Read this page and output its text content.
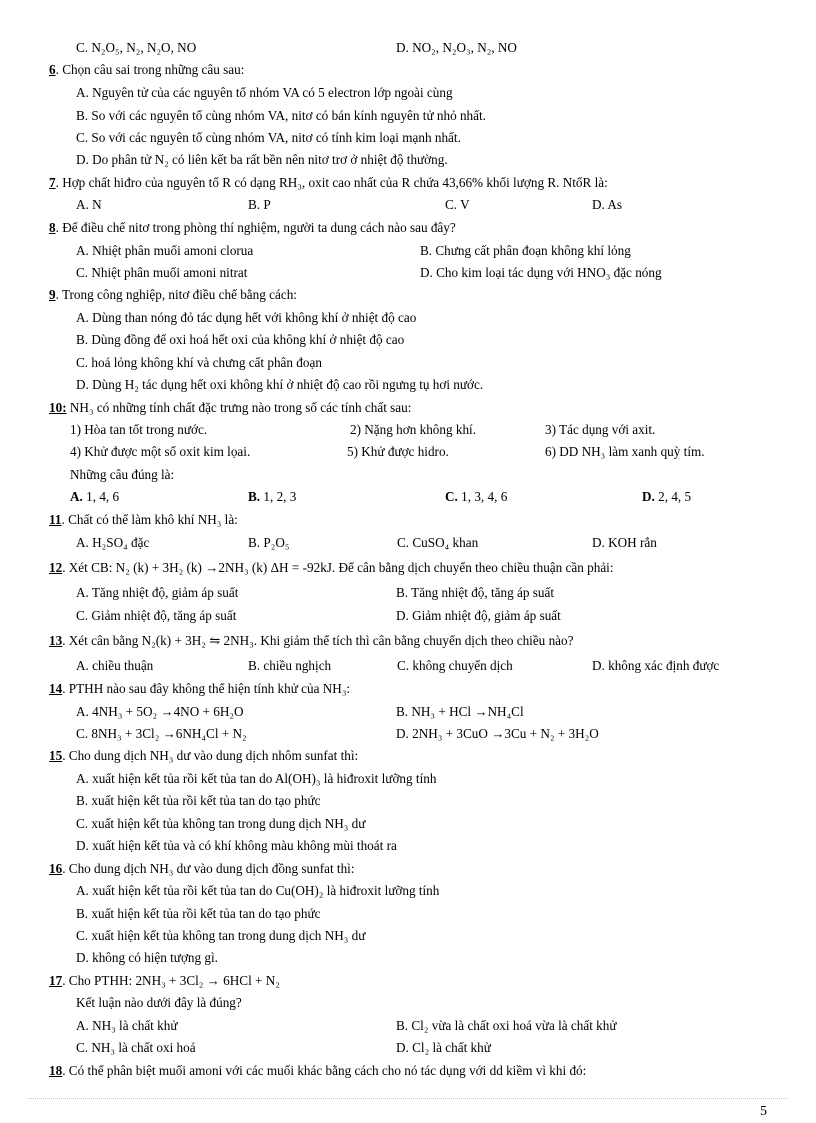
C. N₂O₅, N₂, N₂O, NO	D. NO₂, N₂O₃, N₂, NO
6. Chọn câu sai trong những câu sau:
A. Nguyên tử của các nguyên tố nhóm VA có 5 electron lớp ngoài cùng
B. So với các nguyên tố cùng nhóm VA, nitơ có bán kính nguyên tử nhỏ nhất.
C. So với các nguyên tố cùng nhóm VA, nitơ có tính kim loại mạnh nhất.
D. Do phân tử N₂ có liên kết ba rất bền nên nitơ trơ ở nhiệt độ thường.
7. Hợp chất hiđro của nguyên tố R có dạng RH₃, oxit cao nhất của R chứa 43,66% khối lượng R. NtốR là:
A. N	B. P	C. V	D. As
8. Để điều chế nitơ trong phòng thí nghiệm, người ta dung cách nào sau đây?
A. Nhiệt phân muối amoni clorua	B. Chưng cất phân đoạn không khí lỏng
C. Nhiệt phân muối amoni nitrat	D. Cho kim loại tác dụng với HNO₃ đặc nóng
9. Trong công nghiệp, nitơ điều chế bằng cách:
A. Dùng than nóng đỏ tác dụng hết với không khí ở nhiệt độ cao
B. Dùng đồng để oxi hoá hết oxi của không khí ở nhiệt độ cao
C. hoá lỏng không khí và chưng cất phân đoạn
D. Dùng H₂ tác dụng hết oxi không khí ở nhiệt độ cao rồi ngưng tụ hơi nước.
10: NH₃ có những tính chất đặc trưng nào trong số các tính chất sau:
1) Hòa tan tốt trong nước.	2) Nặng hơn không khí.	3) Tác dụng với axit.
4) Khử được một số oxit kim lọai.	5) Khử được hidro.	6) DD NH₃ làm xanh quỳ tím.
Những câu đúng là:
A. 1, 4, 6	B. 1, 2, 3	C. 1, 3, 4, 6	D. 2, 4, 5
11. Chất có thể làm khô khí NH₃ là:
A. H₂SO₄ đặc	B. P₂O₅	C. CuSO₄ khan	D. KOH rắn
12. Xét CB: N₂ (k) + 3H₂ (k) →2NH₃ (k) ΔH = -92kJ. Để cân bằng dịch chuyển theo chiều thuận cần phải:
A. Tăng nhiệt độ, giảm áp suất	B. Tăng nhiệt độ, tăng áp suất
C. Giảm nhiệt độ, tăng áp suất	D. Giảm nhiệt độ, giảm áp suất
13. Xét cân bằng N₂(k) + 3H₂ ⇋ 2NH₃. Khi giảm thể tích thì cân bằng chuyển dịch theo chiều nào?
A. chiều thuận	B. chiều nghịch	C. không chuyển dịch	D. không xác định được
14. PTHH nào sau đây không thể hiện tính khử của NH₃:
A. 4NH₃ + 5O₂ →4NO + 6H₂O	B. NH₃ + HCl →NH₄Cl
C. 8NH₃ + 3Cl₂ →6NH₄Cl + N₂	D. 2NH₃ + 3CuO →3Cu + N₂ + 3H₂O
15. Cho dung dịch NH₃ dư vào dung dịch nhôm sunfat thì:
A. xuất hiện kết tủa rồi kết tủa tan do Al(OH)₃ là hiđroxit lưỡng tính
B. xuất hiện kết tủa rồi kết tủa tan do tạo phức
C. xuất hiện kết tủa không tan trong dung dịch NH₃ dư
D. xuất hiện kết tủa và có khí không màu không mùi thoát ra
16. Cho dung dịch NH₃ dư vào dung dịch đồng sunfat thì:
A. xuất hiện kết tủa rồi kết tủa tan do Cu(OH)₂ là hiđroxit lưỡng tính
B. xuất hiện kết tủa rồi kết tủa tan do tạo phức
C. xuất hiện kết tủa không tan trong dung dịch NH₃ dư
D. không có hiện tượng gì.
17. Cho PTHH: 2NH₃ + 3Cl₂ → 6HCl + N₂
Kết luận nào dưới đây là đúng?
A. NH₃ là chất khử	B. Cl₂ vừa là chất oxi hoá vừa là chất khử
C. NH₃ là chất oxi hoá	D. Cl₂ là chất khử
18. Có thể phân biệt muối amoni với các muối khác bằng cách cho nó tác dụng với dd kiềm vì khi đó:
5
